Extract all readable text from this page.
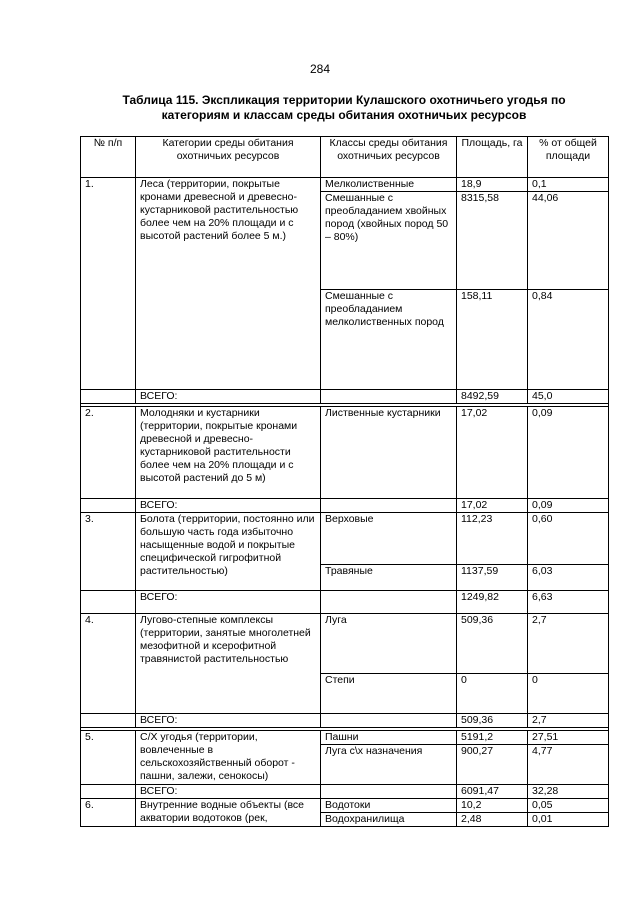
284
Таблица 115. Экспликация территории Кулашского охотничьего угодья по
категориям и классам среды обитания охотничьих ресурсов
№ п/п	Категории среды обитания охотничьих ресурсов	Классы среды обитания охотничьих ресурсов	Площадь, га	% от общей площади
1.	Леса (территории, покрытые кронами древесной и древесно-кустарниковой растительностью более чем на 20% площади и с высотой растений более 5 м.)	Мелколиственные	18,9	0,1
		Смешанные с преобладанием хвойных пород (хвойных пород 50 – 80%)	8315,58	44,06
		Смешанные с преобладанием мелколиственных пород	158,11	0,84
	ВСЕГО:		8492,59	45,0

2.	Молодняки и кустарники (территории, покрытые кронами древесной и древесно- кустарниковой растительности более чем на 20% площади и с высотой растений до 5 м)	Лиственные кустарники	17,02	0,09
	ВСЕГО:		17,02	0,09
3.	Болота (территории, постоянно или большую часть года избыточно насыщенные водой и покрытые специфической гигрофитной растительностью)	Верховые	112,23	0,60
		Травяные	1137,59	6,03
	ВСЕГО:		1249,82	6,63
4.	Лугово-степные комплексы (территории, занятые многолетней мезофитной и ксерофитной травянистой растительностью	Луга	509,36	2,7
		Степи	0	0
	ВСЕГО:		509,36	2,7

5.	С/Х угодья (территории, вовлеченные в сельскохозяйственный оборот - пашни, залежи, сенокосы)	Пашни	5191,2	27,51
		Луга с\х назначения	900,27	4,77
	ВСЕГО:		6091,47	32,28
6.	Внутренние водные объекты (все акватории водотоков (рек,	Водотоки	10,2	0,05
		Водохранилища	2,48	0,01
